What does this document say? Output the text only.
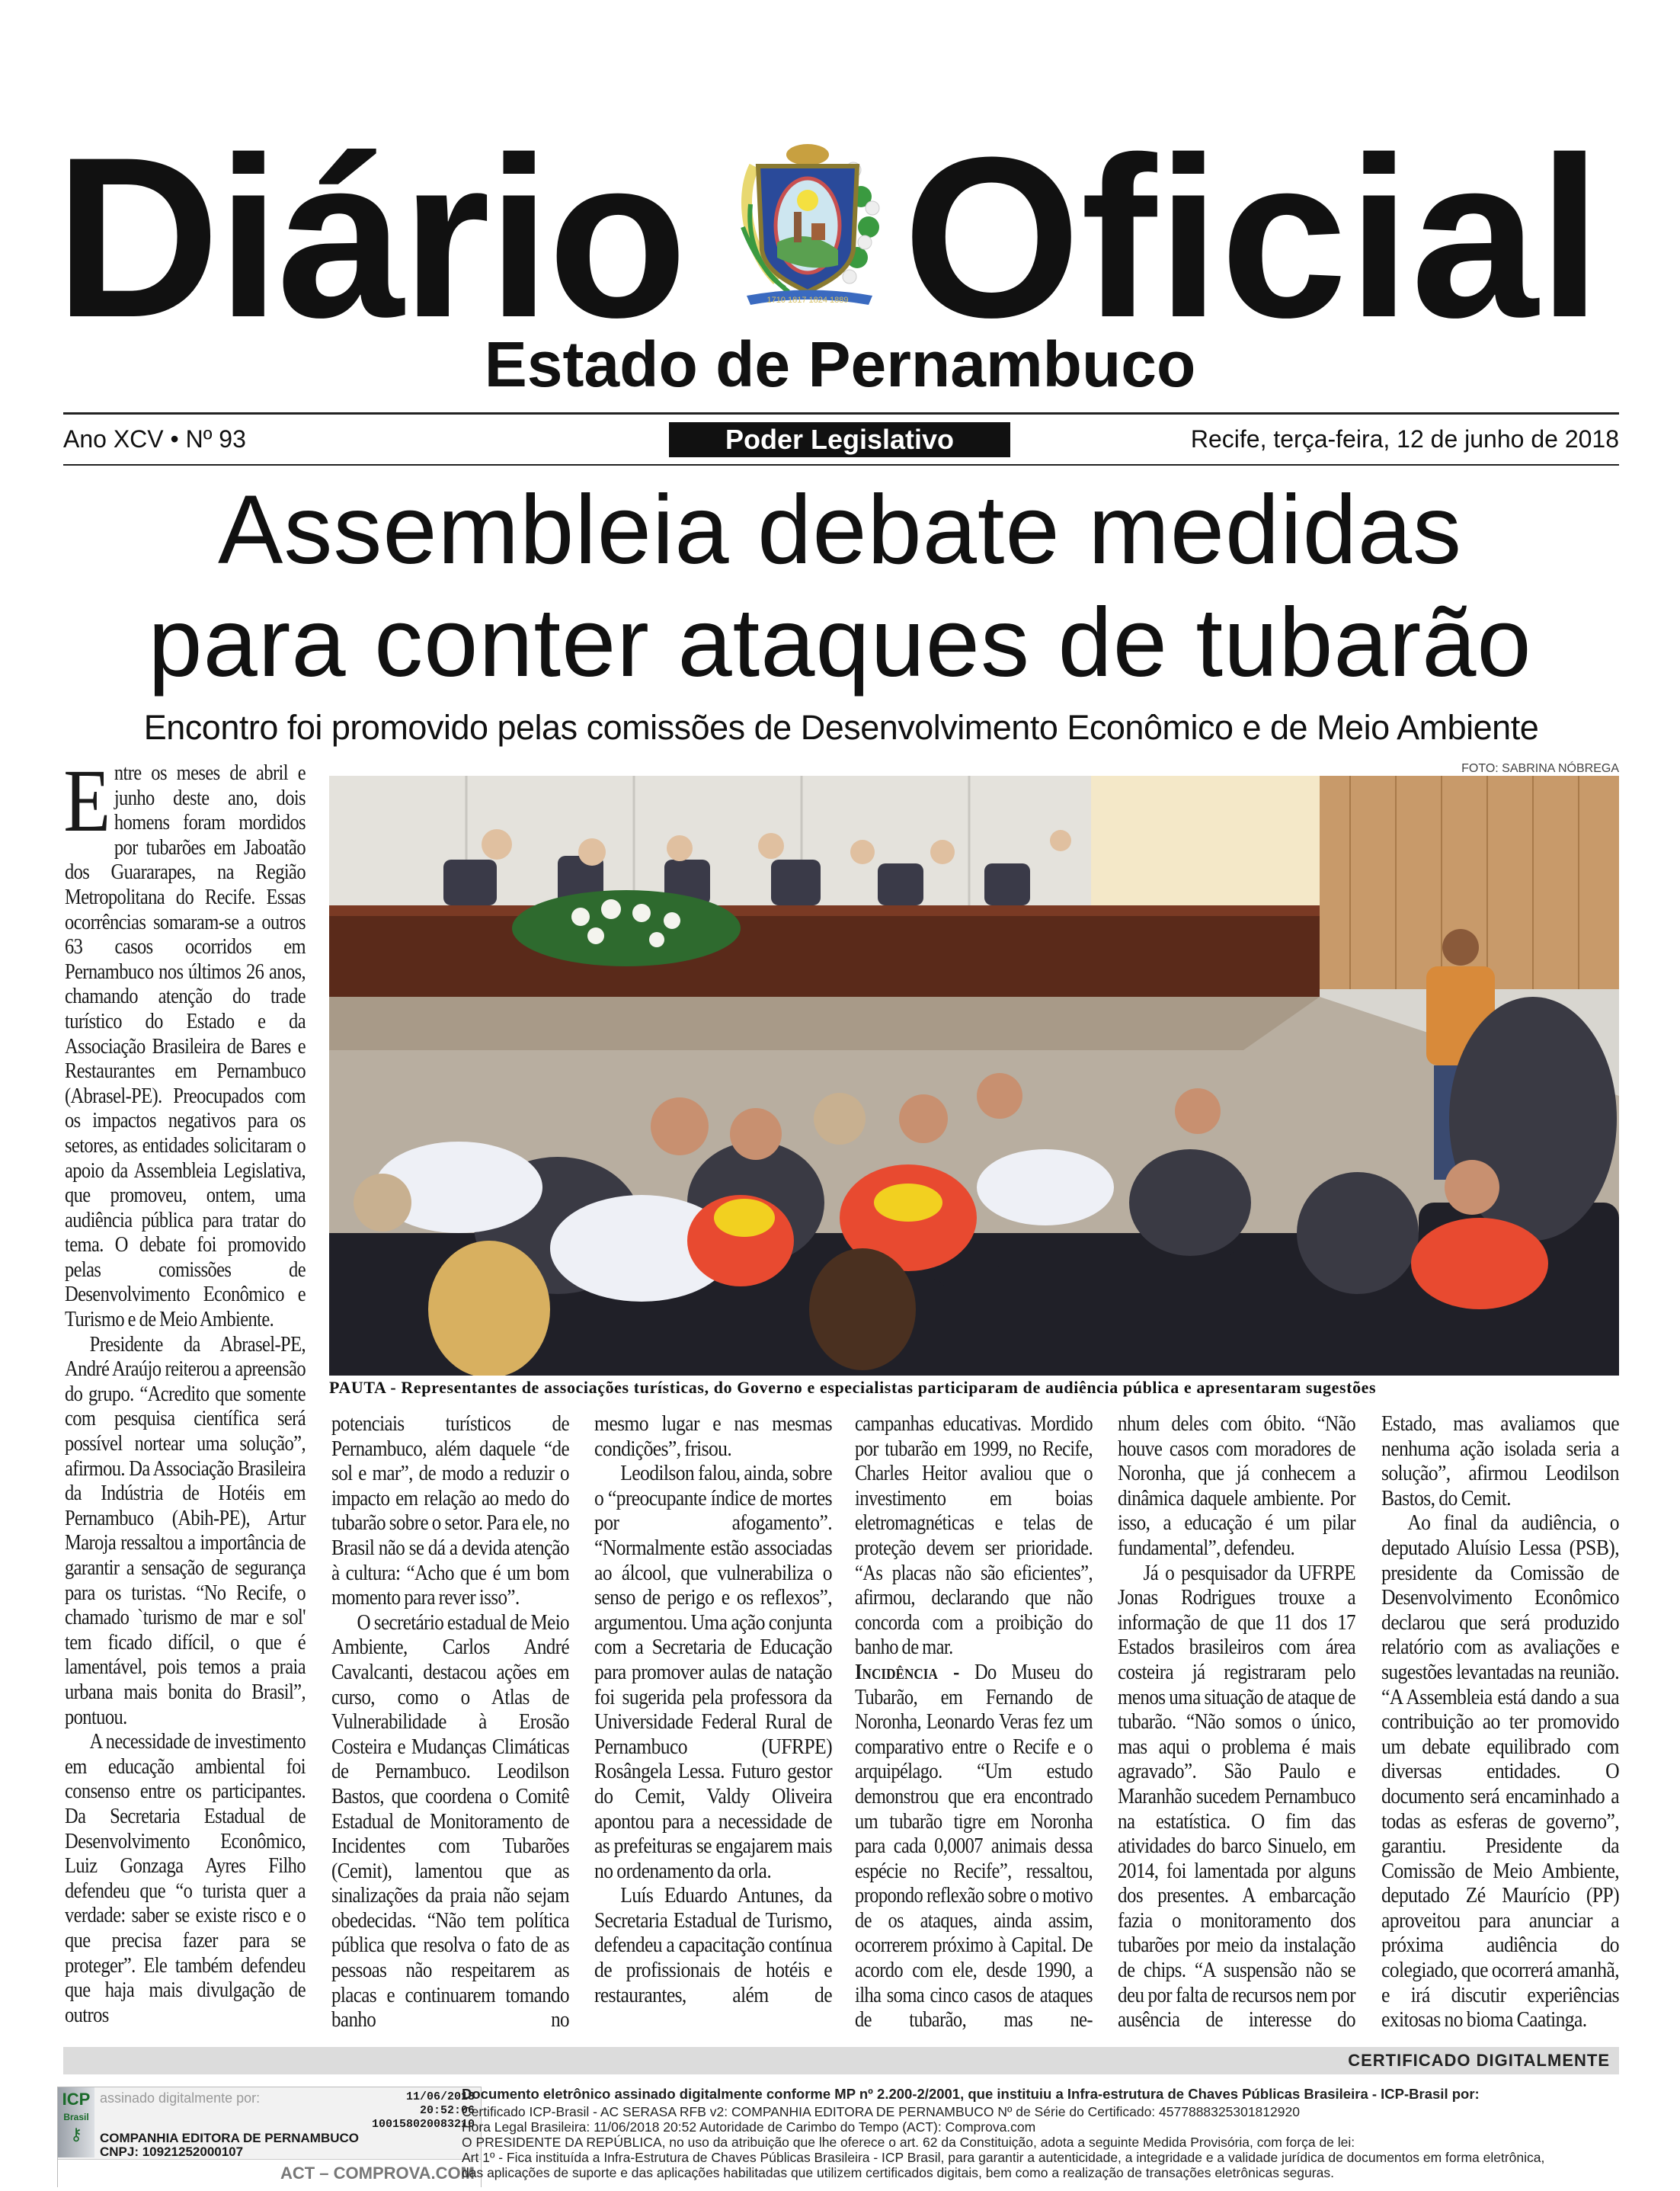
Diário	1710 1817 1824 1889 Oficial
Estado de Pernambuco
Ano XCV • Nº 93	Poder Legislativo	Recife, terça-feira, 12 de junho de 2018
Assembleia debate medidas
para conter ataques de tubarão
Encontro foi promovido pelas comissões de Desenvolvimento Econômico e de Meio Ambiente
FOTO: SABRINA NÓBREGA
PAUTA - Representantes de associações turísticas, do Governo e especialistas participaram de audiência pública e apresentaram sugestões

Entre os meses de abril e junho deste ano, dois homens foram mordidos por tubarões em Jaboatão dos Guararapes, na Região Metropolitana do Recife. Essas ocorrências somaram-se a outros 63 casos ocorridos em Pernambuco nos últimos 26 anos, chamando atenção do trade turístico do Estado e da Associação Brasileira de Bares e Restaurantes em Pernambuco (Abrasel-PE). Preocupados com os impactos negativos para os setores, as entidades solicitaram o apoio da Assembleia Legislativa, que promoveu, ontem, uma audiência pública para tratar do tema. O debate foi promovido pelas comissões de Desenvolvimento Econômico e Turismo e de Meio Ambiente.

Presidente da Abrasel-PE, André Araújo reiterou a apreensão do grupo. “Acredito que somente com pesquisa científica será possível nortear uma solução”, afirmou. Da Associação Brasileira da Indústria de Hotéis em Pernambuco (Abih-PE), Artur Maroja ressaltou a importância de garantir a sensação de segurança para os turistas. “No Recife, o chamado `turismo de mar e sol' tem ficado difícil, o que é lamentável, pois temos a praia urbana mais bonita do Brasil”, pontuou.

A necessidade de investimento em educação ambiental foi consenso entre os participantes. Da Secretaria Estadual de Desenvolvimento Econômico, Luiz Gonzaga Ayres Filho defendeu que “o turista quer a verdade: saber se existe risco e o que precisa fazer para se proteger”. Ele também defendeu que haja mais divulgação de outros

potenciais turísticos de Pernambuco, além daquele “de sol e mar”, de modo a reduzir o impacto em relação ao medo do tubarão sobre o setor. Para ele, no Brasil não se dá a devida atenção à cultura: “Acho que é um bom momento para rever isso”.

O secretário estadual de Meio Ambiente, Carlos André Cavalcanti, destacou ações em curso, como o Atlas de Vulnerabilidade à Erosão Costeira e Mudanças Climáticas de Pernambuco. Leodilson Bastos, que coordena o Comitê Estadual de Monitoramento de Incidentes com Tubarões (Cemit), lamentou que as sinalizações da praia não sejam obedecidas. “Não tem política pública que resolva o fato de as pessoas não respeitarem as placas e continuarem tomando banho no

mesmo lugar e nas mesmas condições”, frisou.

Leodilson falou, ainda, sobre o “preocupante índice de mortes por afogamento”. “Normalmente estão associadas ao álcool, que vulnerabiliza o senso de perigo e os reflexos”, argumentou. Uma ação conjunta com a Secretaria de Educação para promover aulas de natação foi sugerida pela professora da Universidade Federal Rural de Pernambuco (UFRPE) Rosângela Lessa. Futuro gestor do Cemit, Valdy Oliveira apontou para a necessidade de as prefeituras se engajarem mais no ordenamento da orla.

Luís Eduardo Antunes, da Secretaria Estadual de Turismo, defendeu a capacitação contínua de profissionais de hotéis e restaurantes, além de

campanhas educativas. Mordido por tubarão em 1999, no Recife, Charles Heitor avaliou que o investimento em boias eletromagnéticas e telas de proteção devem ser prioridade. “As placas não são eficientes”, afirmou, declarando que não concorda com a proibição do banho de mar.

Incidência - Do Museu do Tubarão, em Fernando de Noronha, Leonardo Veras fez um comparativo entre o Recife e o arquipélago. “Um estudo demonstrou que era encontrado um tubarão tigre em Noronha para cada 0,0007 animais dessa espécie no Recife”, ressaltou, propondo reflexão sobre o motivo de os ataques, ainda assim, ocorrerem próximo à Capital. De acordo com ele, desde 1990, a ilha soma cinco casos de ataques de tubarão, mas ne-

nhum deles com óbito. “Não houve casos com moradores de Noronha, que já conhecem a dinâmica daquele ambiente. Por isso, a educação é um pilar fundamental”, defendeu.

Já o pesquisador da UFRPE Jonas Rodrigues trouxe a informação de que 11 dos 17 Estados brasileiros com área costeira já registraram pelo menos uma situação de ataque de tubarão. “Não somos o único, mas aqui o problema é mais agravado”. São Paulo e Maranhão sucedem Pernambuco na estatística. O fim das atividades do barco Sinuelo, em 2014, foi lamentada por alguns dos presentes. A embarcação fazia o monitoramento dos tubarões por meio da instalação de chips. “A suspensão não se deu por falta de recursos nem por ausência de interesse do

Estado, mas avaliamos que nenhuma ação isolada seria a solução”, afirmou Leodilson Bastos, do Cemit.

Ao final da audiência, o deputado Aluísio Lessa (PSB), presidente da Comissão de Desenvolvimento Econômico declarou que será produzido relatório com as avaliações e sugestões levantadas na reunião. “A Assembleia está dando a sua contribuição ao ter promovido um debate equilibrado com diversas entidades. O documento será encaminhado a todas as esferas de governo”, garantiu. Presidente da Comissão de Meio Ambiente, deputado Zé Maurício (PP) aproveitou para anunciar a próxima audiência do colegiado, que ocorrerá amanhã, e irá discutir experiências exitosas no bioma Caatinga.

CERTIFICADO DIGITALMENTE
ICP
Brasil
⚷
assinado digitalmente por:	11/06/2018
20:52:06
100158020083210
COMPANHIA EDITORA DE PERNAMBUCO
CNPJ: 10921252000107
ACT – COMPROVA.COM
Documento eletrônico assinado digitalmente conforme MP nº 2.200-2/2001, que instituiu a Infra-estrutura de Chaves Públicas Brasileira - ICP-Brasil por:
Certificado ICP-Brasil - AC SERASA RFB v2: COMPANHIA EDITORA DE PERNAMBUCO Nº de Série do Certificado: 4577888325301812920
Hora Legal Brasileira: 11/06/2018 20:52 Autoridade de Carimbo do Tempo (ACT): Comprova.com
O PRESIDENTE DA REPÚBLICA, no uso da atribuição que lhe oferece o art. 62 da Constituição, adota a seguinte Medida Provisória, com força de lei:
Art 1º - Fica instituída a Infra-Estrutura de Chaves Públicas Brasileira - ICP Brasil, para garantir a autenticidade, a integridade e a validade jurídica de documentos em forma eletrônica,
das aplicações de suporte e das aplicações habilitadas que utilizem certificados digitais, bem como a realização de transações eletrônicas seguras.
